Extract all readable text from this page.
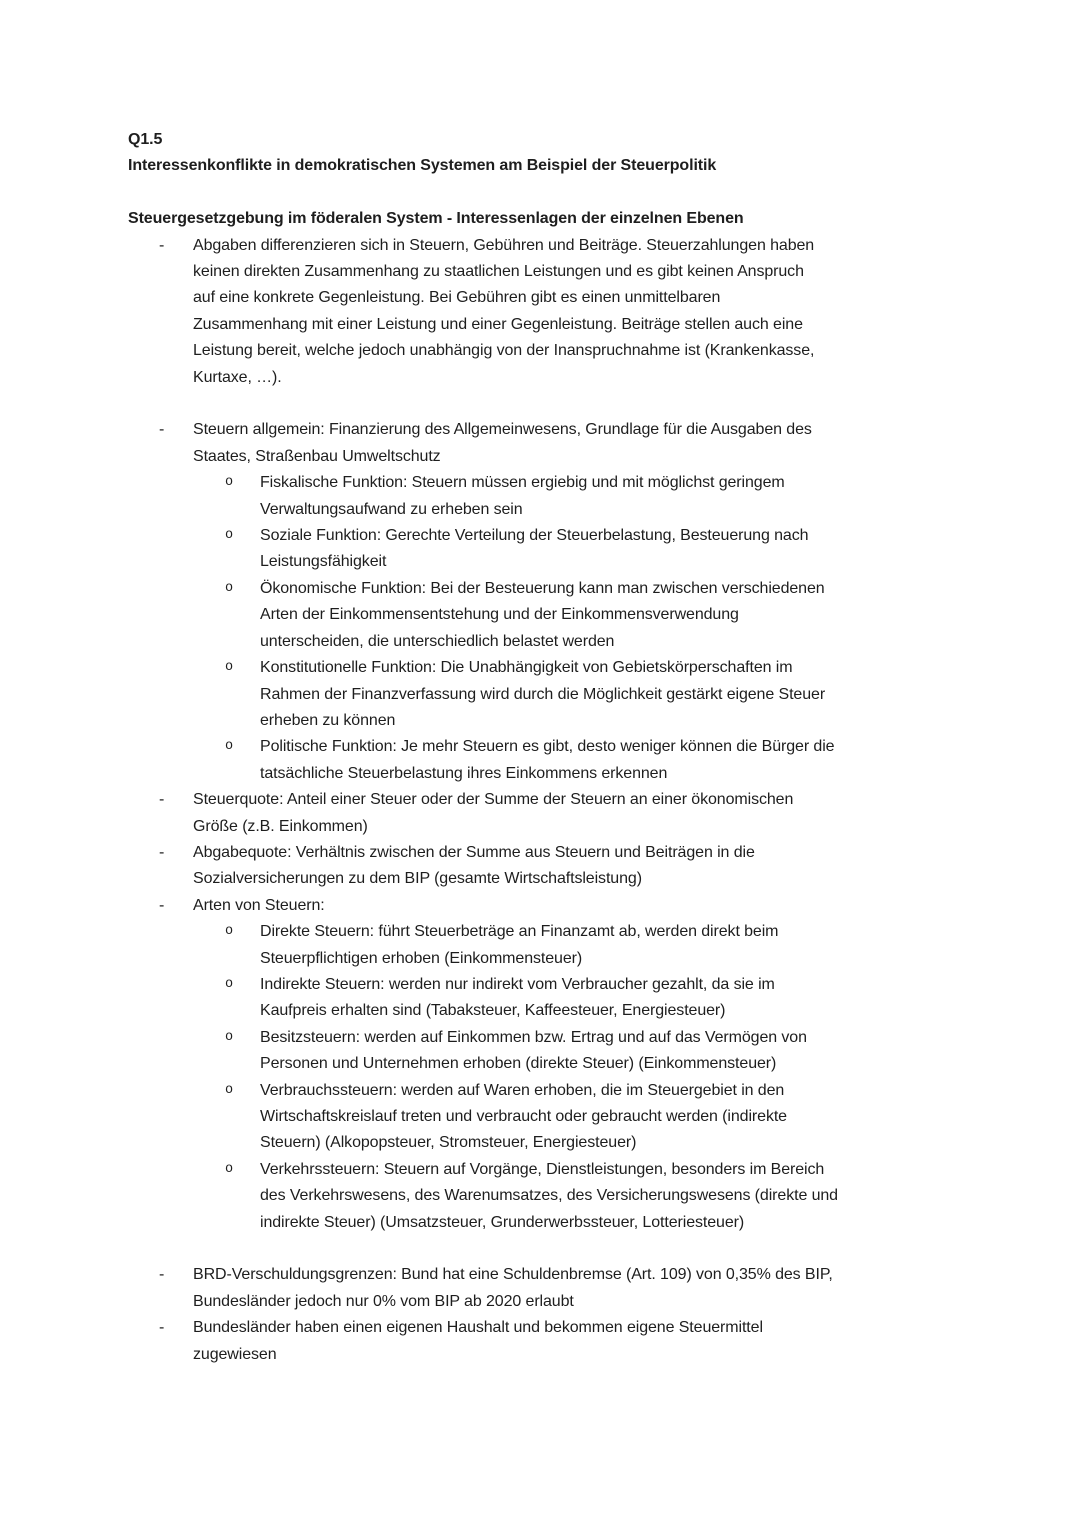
Q1.5
Interessenkonflikte in demokratischen Systemen am Beispiel der Steuerpolitik
Steuergesetzgebung im föderalen System - Interessenlagen der einzelnen Ebenen
- Abgaben differenzieren sich in Steuern, Gebühren und Beiträge. Steuerzahlungen haben
keinen direkten Zusammenhang zu staatlichen Leistungen und es gibt keinen Anspruch
auf eine konkrete Gegenleistung. Bei Gebühren gibt es einen unmittelbaren
Zusammenhang mit einer Leistung und einer Gegenleistung. Beiträge stellen auch eine
Leistung bereit, welche jedoch unabhängig von der Inanspruchnahme ist (Krankenkasse,
Kurtaxe, …).
- Steuern allgemein: Finanzierung des Allgemeinwesens, Grundlage für die Ausgaben des
Staates, Straßenbau Umweltschutz
o Fiskalische Funktion: Steuern müssen ergiebig und mit möglichst geringem
Verwaltungsaufwand zu erheben sein
o Soziale Funktion: Gerechte Verteilung der Steuerbelastung, Besteuerung nach
Leistungsfähigkeit
o Ökonomische Funktion: Bei der Besteuerung kann man zwischen verschiedenen
Arten der Einkommensentstehung und der Einkommensverwendung
unterscheiden, die unterschiedlich belastet werden
o Konstitutionelle Funktion: Die Unabhängigkeit von Gebietskörperschaften im
Rahmen der Finanzverfassung wird durch die Möglichkeit gestärkt eigene Steuer
erheben zu können
o Politische Funktion: Je mehr Steuern es gibt, desto weniger können die Bürger die
tatsächliche Steuerbelastung ihres Einkommens erkennen
- Steuerquote: Anteil einer Steuer oder der Summe der Steuern an einer ökonomischen
Größe (z.B. Einkommen)
- Abgabequote: Verhältnis zwischen der Summe aus Steuern und Beiträgen in die
Sozialversicherungen zu dem BIP (gesamte Wirtschaftsleistung)
- Arten von Steuern:
o Direkte Steuern: führt Steuerbeträge an Finanzamt ab, werden direkt beim
Steuerpflichtigen erhoben (Einkommensteuer)
o Indirekte Steuern: werden nur indirekt vom Verbraucher gezahlt, da sie im
Kaufpreis erhalten sind (Tabaksteuer, Kaffeesteuer, Energiesteuer)
o Besitzsteuern: werden auf Einkommen bzw. Ertrag und auf das Vermögen von
Personen und Unternehmen erhoben (direkte Steuer) (Einkommensteuer)
o Verbrauchssteuern: werden auf Waren erhoben, die im Steuergebiet in den
Wirtschaftskreislauf treten und verbraucht oder gebraucht werden (indirekte
Steuern) (Alkopopsteuer, Stromsteuer, Energiesteuer)
o Verkehrssteuern: Steuern auf Vorgänge, Dienstleistungen, besonders im Bereich
des Verkehrswesens, des Warenumsatzes, des Versicherungswesens (direkte und
indirekte Steuer) (Umsatzsteuer, Grunderwerbssteuer, Lotteriesteuer)
- BRD-Verschuldungsgrenzen: Bund hat eine Schuldenbremse (Art. 109) von 0,35% des BIP,
Bundesländer jedoch nur 0% vom BIP ab 2020 erlaubt
- Bundesländer haben einen eigenen Haushalt und bekommen eigene Steuermittel
zugewiesen
